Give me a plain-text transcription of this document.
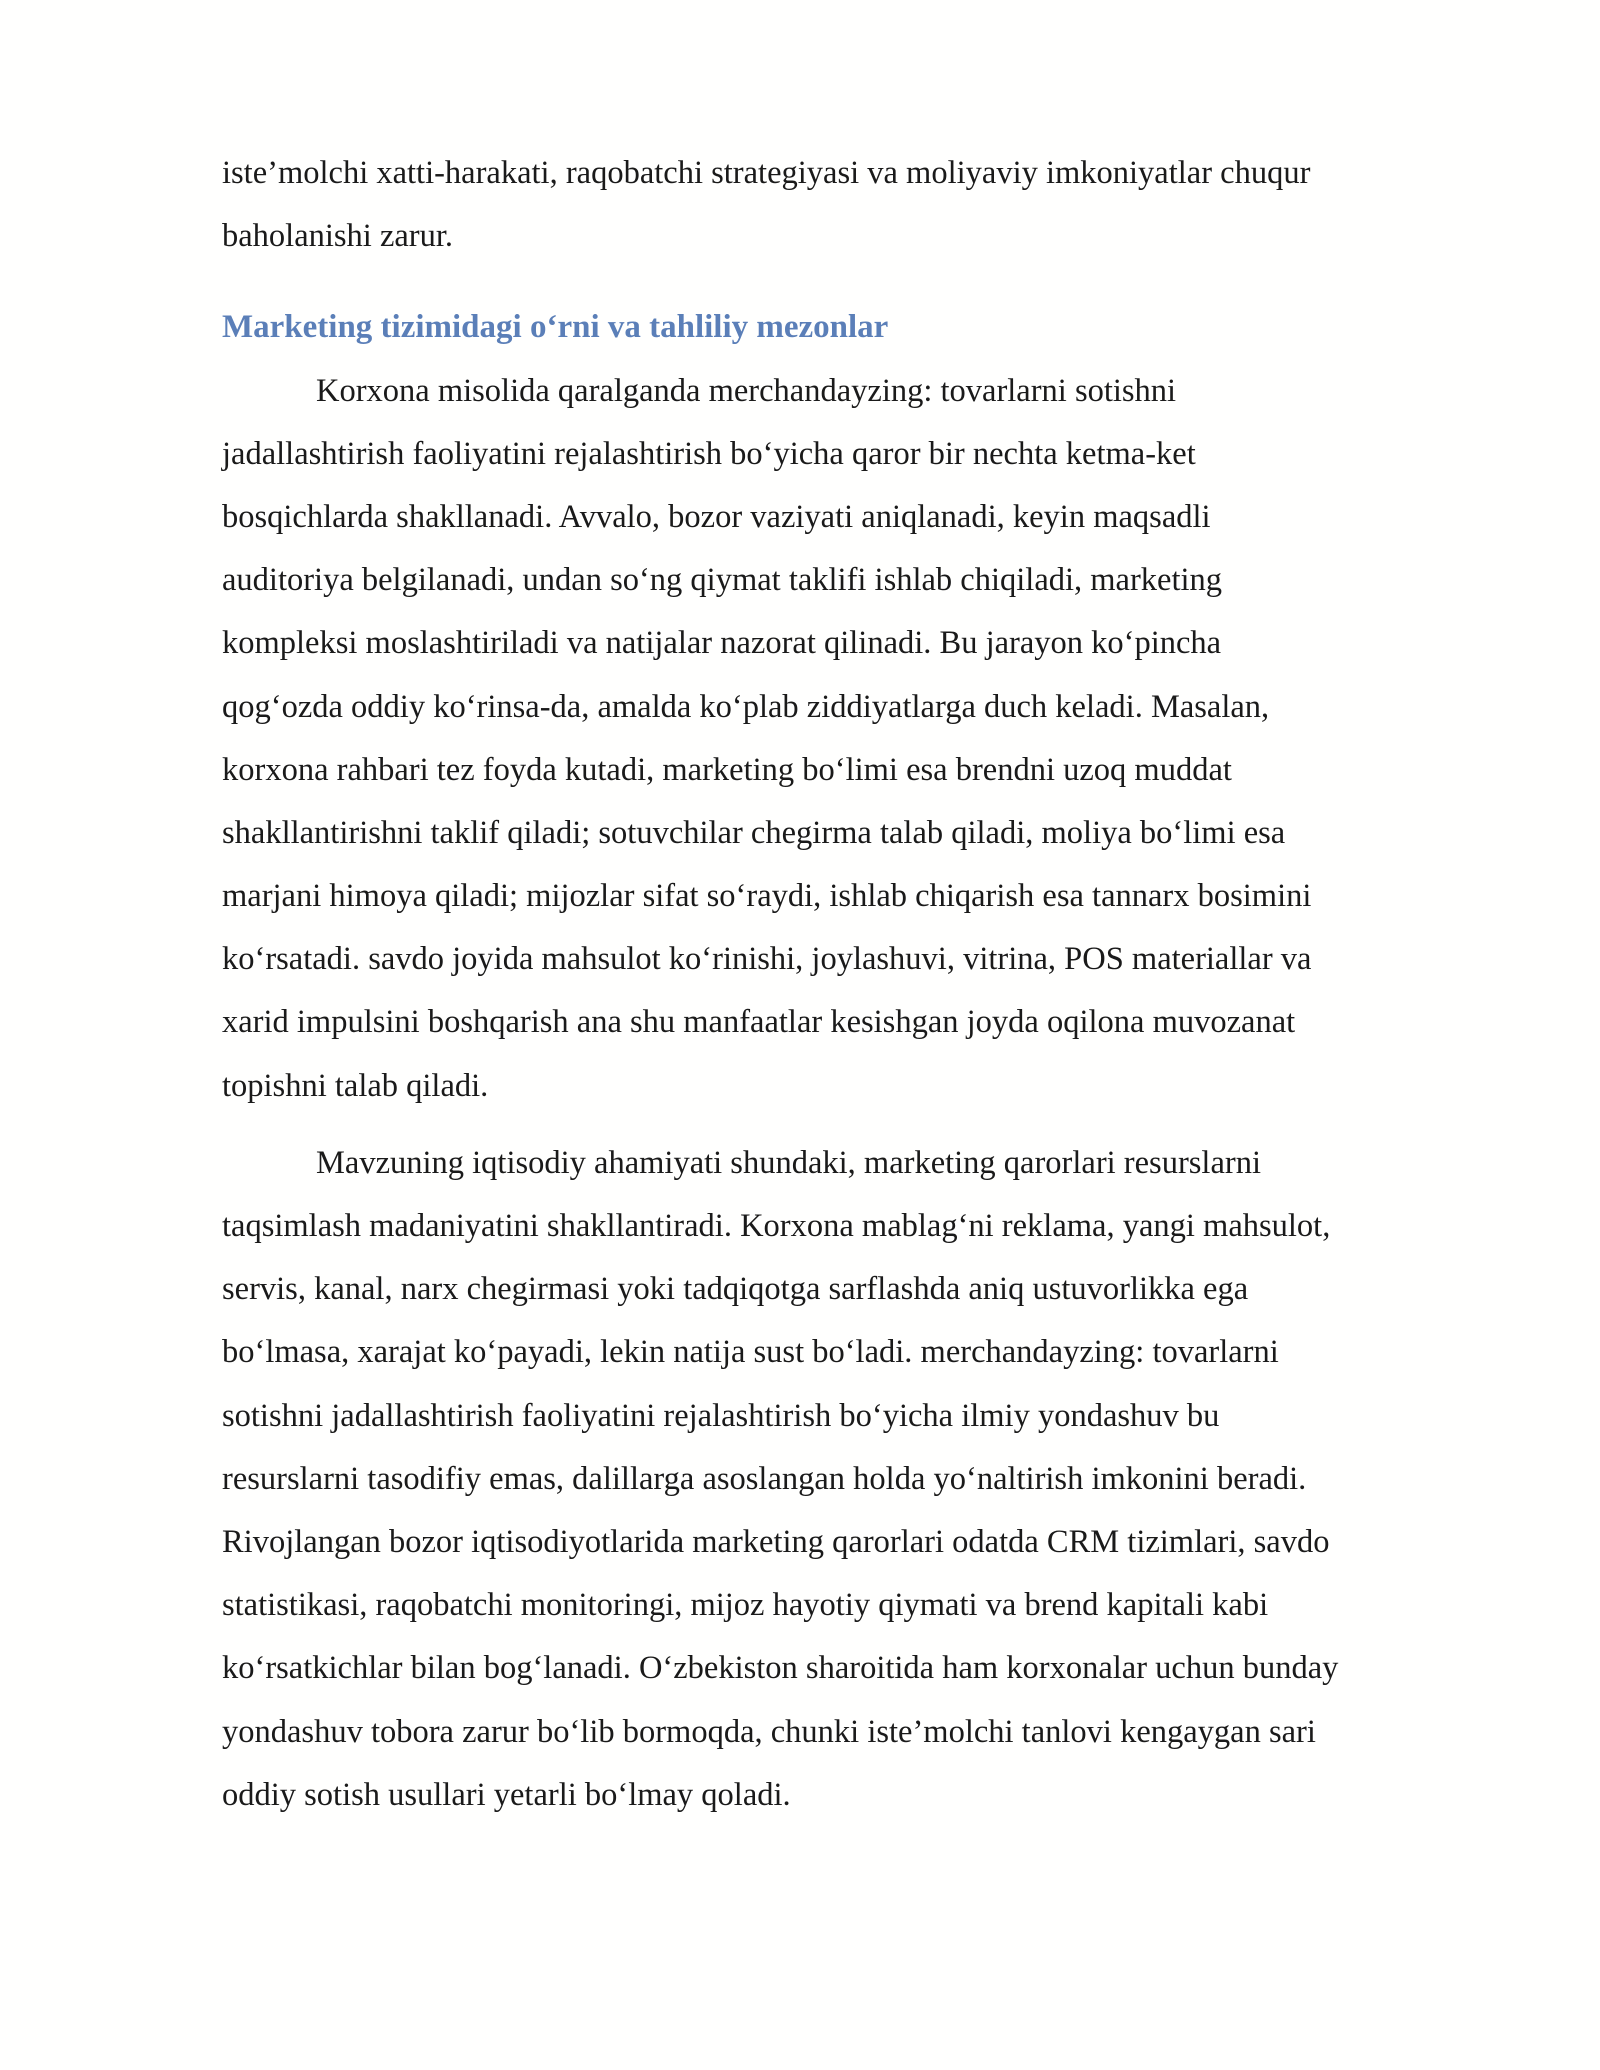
iste’molchi xatti-harakati, raqobatchi strategiyasi va moliyaviy imkoniyatlar chuqur
baholanishi zarur.

Marketing tizimidagi o‘rni va tahliliy mezonlar

Korxona misolida qaralganda merchandayzing: tovarlarni sotishni
jadallashtirish faoliyatini rejalashtirish bo‘yicha qaror bir nechta ketma-ket
bosqichlarda shakllanadi. Avvalo, bozor vaziyati aniqlanadi, keyin maqsadli
auditoriya belgilanadi, undan so‘ng qiymat taklifi ishlab chiqiladi, marketing
kompleksi moslashtiriladi va natijalar nazorat qilinadi. Bu jarayon ko‘pincha
qog‘ozda oddiy ko‘rinsa-da, amalda ko‘plab ziddiyatlarga duch keladi. Masalan,
korxona rahbari tez foyda kutadi, marketing bo‘limi esa brendni uzoq muddat
shakllantirishni taklif qiladi; sotuvchilar chegirma talab qiladi, moliya bo‘limi esa
marjani himoya qiladi; mijozlar sifat so‘raydi, ishlab chiqarish esa tannarx bosimini
ko‘rsatadi. savdo joyida mahsulot ko‘rinishi, joylashuvi, vitrina, POS materiallar va
xarid impulsini boshqarish ana shu manfaatlar kesishgan joyda oqilona muvozanat
topishni talab qiladi.

Mavzuning iqtisodiy ahamiyati shundaki, marketing qarorlari resurslarni
taqsimlash madaniyatini shakllantiradi. Korxona mablag‘ni reklama, yangi mahsulot,
servis, kanal, narx chegirmasi yoki tadqiqotga sarflashda aniq ustuvorlikka ega
bo‘lmasa, xarajat ko‘payadi, lekin natija sust bo‘ladi. merchandayzing: tovarlarni
sotishni jadallashtirish faoliyatini rejalashtirish bo‘yicha ilmiy yondashuv bu
resurslarni tasodifiy emas, dalillarga asoslangan holda yo‘naltirish imkonini beradi.
Rivojlangan bozor iqtisodiyotlarida marketing qarorlari odatda CRM tizimlari, savdo
statistikasi, raqobatchi monitoringi, mijoz hayotiy qiymati va brend kapitali kabi
ko‘rsatkichlar bilan bog‘lanadi. O‘zbekiston sharoitida ham korxonalar uchun bunday
yondashuv tobora zarur bo‘lib bormoqda, chunki iste’molchi tanlovi kengaygan sari
oddiy sotish usullari yetarli bo‘lmay qoladi.
